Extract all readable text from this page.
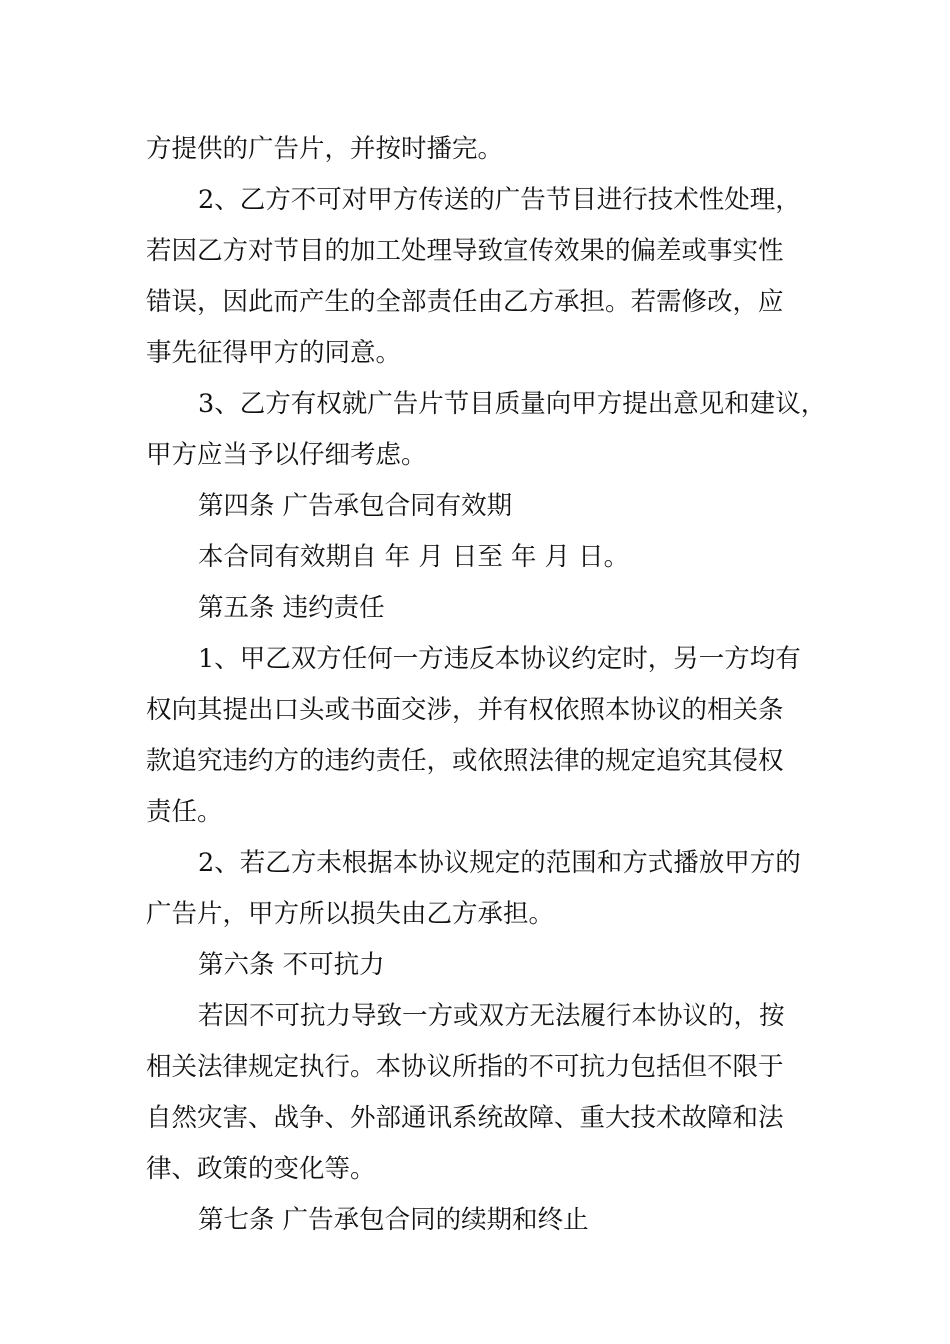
方提供的广告片，并按时播完。
2、乙方不可对甲方传送的广告节目进行技术性处理，
若因乙方对节目的加工处理导致宣传效果的偏差或事实性
错误，因此而产生的全部责任由乙方承担。若需修改，应
事先征得甲方的同意。
3、乙方有权就广告片节目质量向甲方提出意见和建议，
甲方应当予以仔细考虑。
第四条 广告承包合同有效期
本合同有效期自 年 月 日至 年 月 日。
第五条 违约责任
1、甲乙双方任何一方违反本协议约定时，另一方均有
权向其提出口头或书面交涉，并有权依照本协议的相关条
款追究违约方的违约责任，或依照法律的规定追究其侵权
责任。
2、若乙方未根据本协议规定的范围和方式播放甲方的
广告片，甲方所以损失由乙方承担。
第六条 不可抗力
若因不可抗力导致一方或双方无法履行本协议的，按
相关法律规定执行。本协议所指的不可抗力包括但不限于
自然灾害、战争、外部通讯系统故障、重大技术故障和法
律、政策的变化等。
第七条 广告承包合同的续期和终止
